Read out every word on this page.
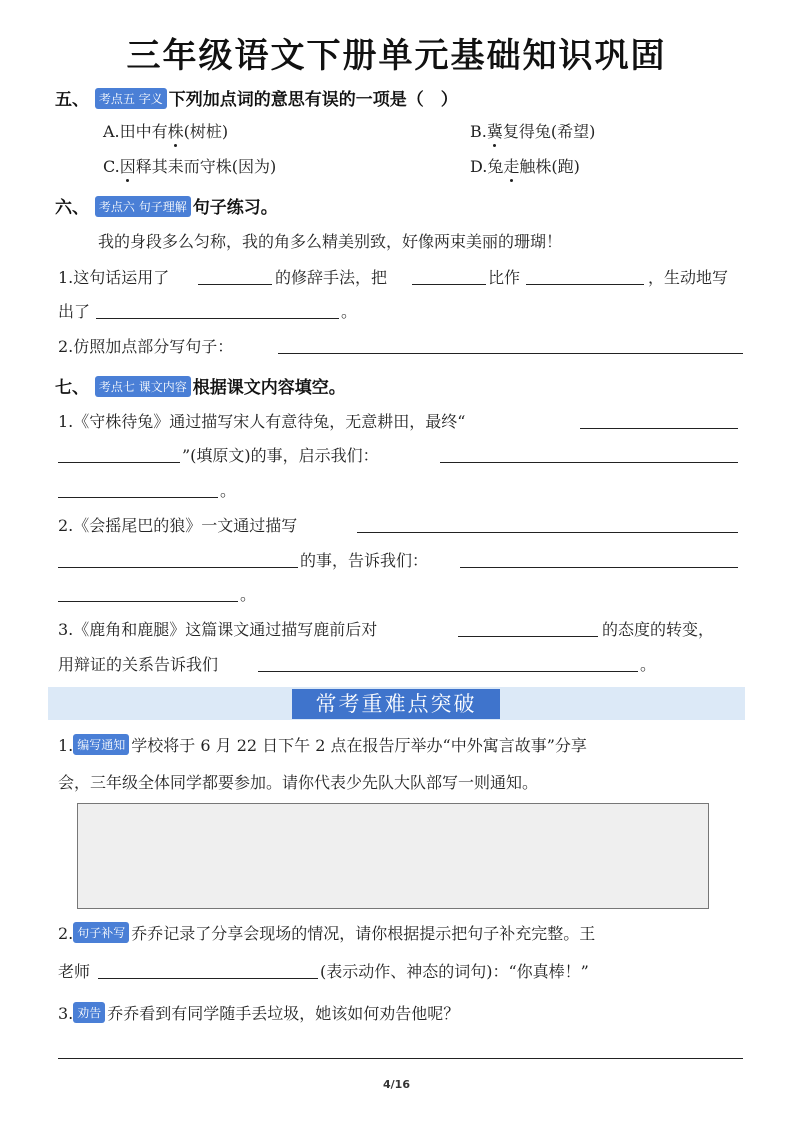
三年级语文下册单元基础知识巩固
五、 考点五 字义 下列加点词的意思有误的一项是（　）
A.田中有株(树桩)	B.冀复得兔(希望)
C.因释其耒而守株(因为)	D.兔走触株(跑)
六、 考点六 句子理解 句子练习。
我的身段多么匀称，我的角多么精美别致，好像两束美丽的珊瑚！
1.这句话运用了	的修辞手法，把	比作	，生动地写
出了	。
2.仿照加点部分写句子：
七、 考点七 课文内容 根据课文内容填空。
1.《守株待兔》通过描写宋人有意待兔，无意耕田，最终“
”(填原文)的事，启示我们：
。
2.《会摇尾巴的狼》一文通过描写
的事，告诉我们：
。
3.《鹿角和鹿腿》这篇课文通过描写鹿前后对	的态度的转变，
用辩证的关系告诉我们	。
常考重难点突破
1. 编写通知 学校将于 6 月 22 日下午 2 点在报告厅举办“中外寓言故事”分享
会，三年级全体同学都要参加。请你代表少先队大队部写一则通知。
2. 句子补写 乔乔记录了分享会现场的情况，请你根据提示把句子补充完整。王
老师	(表示动作、神态的词句)：“你真棒！”
3. 劝告 乔乔看到有同学随手丢垃圾，她该如何劝告他呢？
4/16
